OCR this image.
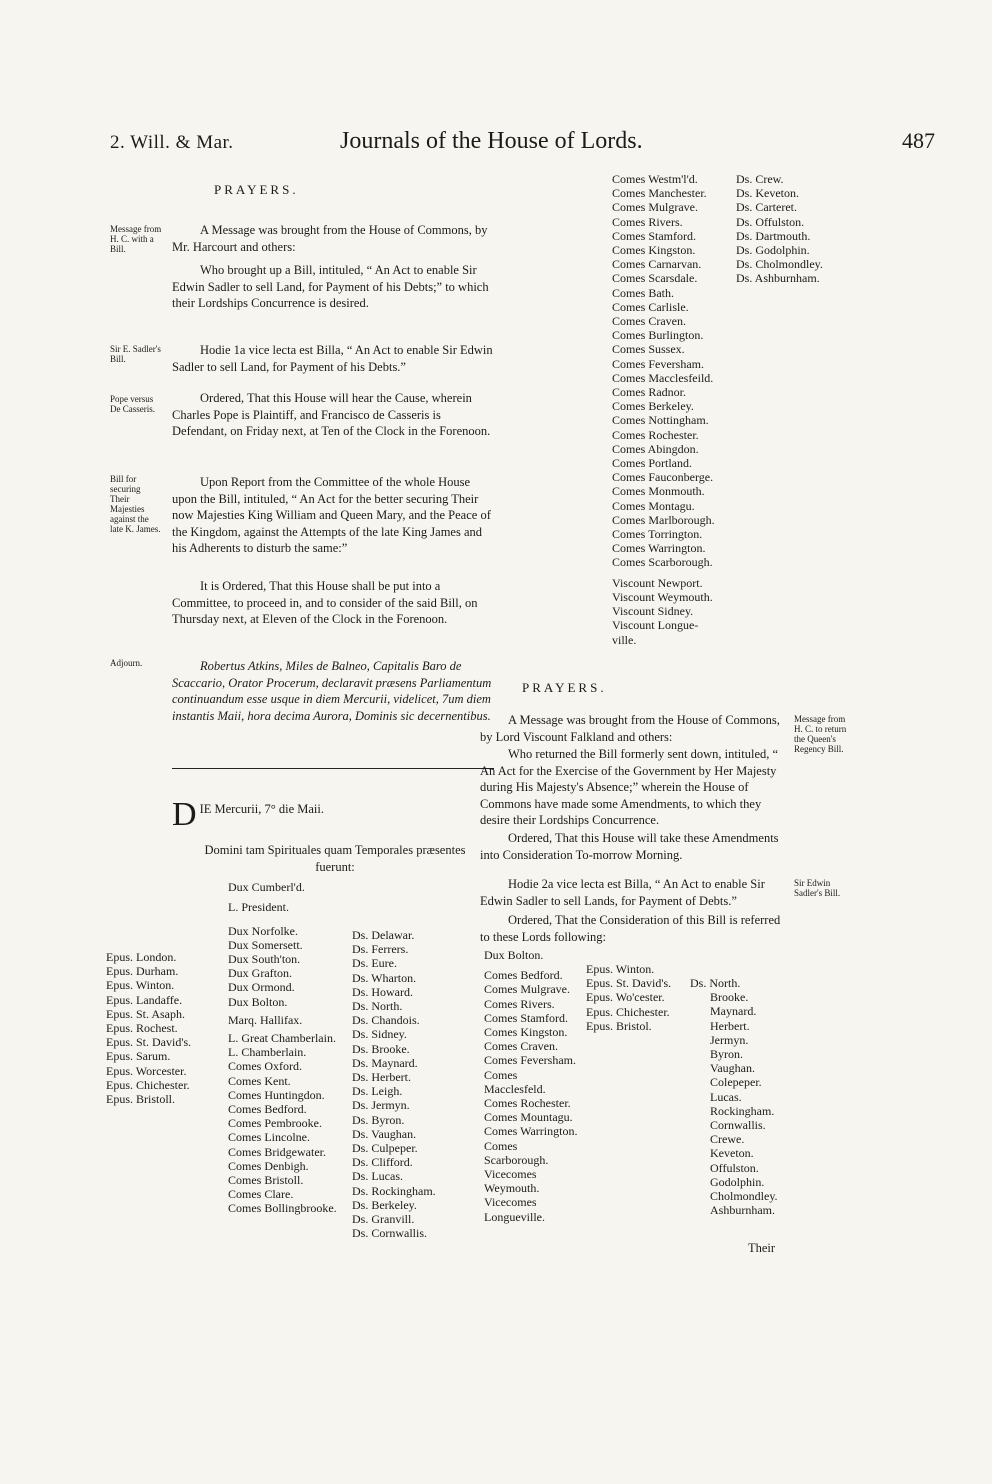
2. Will. & Mar.	Journals of the House of Lords.	487
PRAYERS.
Message from H. C. with a Bill.
A Message was brought from the House of Commons, by Mr. Harcourt and others:
Who brought up a Bill, intituled, “ An Act to enable Sir Edwin Sadler to sell Land, for Payment of his Debts;” to which their Lordships Concurrence is desired.
Sir E. Sadler's Bill.
Hodie 1a vice lecta est Billa, “ An Act to enable Sir Edwin Sadler to sell Land, for Payment of his Debts.”
Pope versus De Casseris.
Ordered, That this House will hear the Cause, wherein Charles Pope is Plaintiff, and Francisco de Casseris is Defendant, on Friday next, at Ten of the Clock in the Forenoon.
Bill for securing Their Majesties against the late K. James.
Upon Report from the Committee of the whole House upon the Bill, intituled, “ An Act for the better securing Their now Majesties King William and Queen Mary, and the Peace of the Kingdom, against the Attempts of the late King James and his Adherents to disturb the same:”
It is Ordered, That this House shall be put into a Committee, to proceed in, and to consider of the said Bill, on Thursday next, at Eleven of the Clock in the Forenoon.
Adjourn.	Robertus Atkins, Miles de Balneo, Capitalis Baro de Scaccario, Orator Procerum, declaravit præsens Parliamentum continuandum esse usque in diem Mercurii, videlicet, 7um diem instantis Maii, hora decima Aurora, Dominis sic decernentibus.
D IE Mercurii, 7° die Maii.
Domini tam Spirituales quam Temporales præsentes fuerunt:
Dux Cumberl'd.
L. President.
Dux Norfolke.
Dux Somersett.
Epus. London.
Epus. Durham.
Epus. Winton.
Epus. Landaffe.
Epus. St. Asaph.
Epus. Rochest.
Epus. St. David's.
Epus. Sarum.
Epus. Worcester.
Epus. Chichester.
Epus. Bristoll.
Dux South'ton.
Dux Grafton.
Dux Ormond.
Dux Bolton.
Marq. Hallifax.
L. Great Chamberlain.
L. Chamberlain.
Comes Oxford.
Comes Kent.
Comes Huntingdon.
Comes Bedford.
Comes Pembrooke.
Comes Lincolne.
Comes Bridgewater.
Comes Denbigh.
Comes Bristoll.
Comes Clare.
Comes Bollingbrooke.
Ds. Delawar.
Ds. Ferrers.
Ds. Eure.
Ds. Wharton.
Ds. Howard.
Ds. North.
Ds. Chandois.
Ds. Sidney.
Ds. Brooke.
Ds. Maynard.
Ds. Herbert.
Ds. Leigh.
Ds. Jermyn.
Ds. Byron.
Ds. Vaughan.
Ds. Culpeper.
Ds. Clifford.
Ds. Lucas.
Ds. Rockingham.
Ds. Berkeley.
Ds. Granvill.
Ds. Cornwallis.
Comes Westm'l'd.
Comes Manchester.
Comes Mulgrave.
Comes Rivers.
Comes Stamford.
Comes Kingston.
Comes Carnarvan.
Comes Scarsdale.
Comes Bath.
Comes Carlisle.
Comes Craven.
Comes Burlington.
Comes Sussex.
Comes Feversham.
Comes Macclesfeild.
Comes Radnor.
Comes Berkeley.
Comes Nottingham.
Comes Rochester.
Comes Abingdon.
Comes Portland.
Comes Fauconberge.
Comes Monmouth.
Comes Montagu.
Comes Marlborough.
Comes Torrington.
Comes Warrington.
Comes Scarborough.
Viscount Newport.
Viscount Weymouth.
Viscount Sidney.
Viscount Longue-ville.
Ds. Crew.
Ds. Keveton.
Ds. Carteret.
Ds. Offulston.
Ds. Dartmouth.
Ds. Godolphin.
Ds. Cholmondley.
Ds. Ashburnham.
PRAYERS.
A Message was brought from the House of Commons, by Lord Viscount Falkland and others:
Message from H. C. to return the Queen's Regency Bill.
Who returned the Bill formerly sent down, intituled, “ An Act for the Exercise of the Government by Her Majesty during His Majesty's Absence;” wherein the House of Commons have made some Amendments, to which they desire their Lordships Concurrence.
Ordered, That this House will take these Amendments into Consideration To-morrow Morning.
Hodie 2a vice lecta est Billa, “ An Act to enable Sir Edwin Sadler to sell Lands, for Payment of Debts.”
Sir Edwin Sadler's Bill.
Ordered, That the Consideration of this Bill is referred to these Lords following:
Dux Bolton.
Comes Bedford.
Comes Mulgrave.
Comes Rivers.
Comes Stamford.
Comes Kingston.
Comes Craven.
Comes Feversham.
Comes Macclesfeld.
Comes Rochester.
Comes Mountagu.
Comes Warrington.
Comes Scarborough.
Vicecomes Weymouth.
Vicecomes Longueville.
Epus. Winton.
Epus. St. David's.
Epus. Wo'cester.
Epus. Chichester.
Epus. Bristol.
Ds. North.
Brooke.
Maynard.
Herbert.
Jermyn.
Byron.
Vaughan.
Colepeper.
Lucas.
Rockingham.
Cornwallis.
Crewe.
Keveton.
Offulston.
Godolphin.
Cholmondley.
Ashburnham.
Their
